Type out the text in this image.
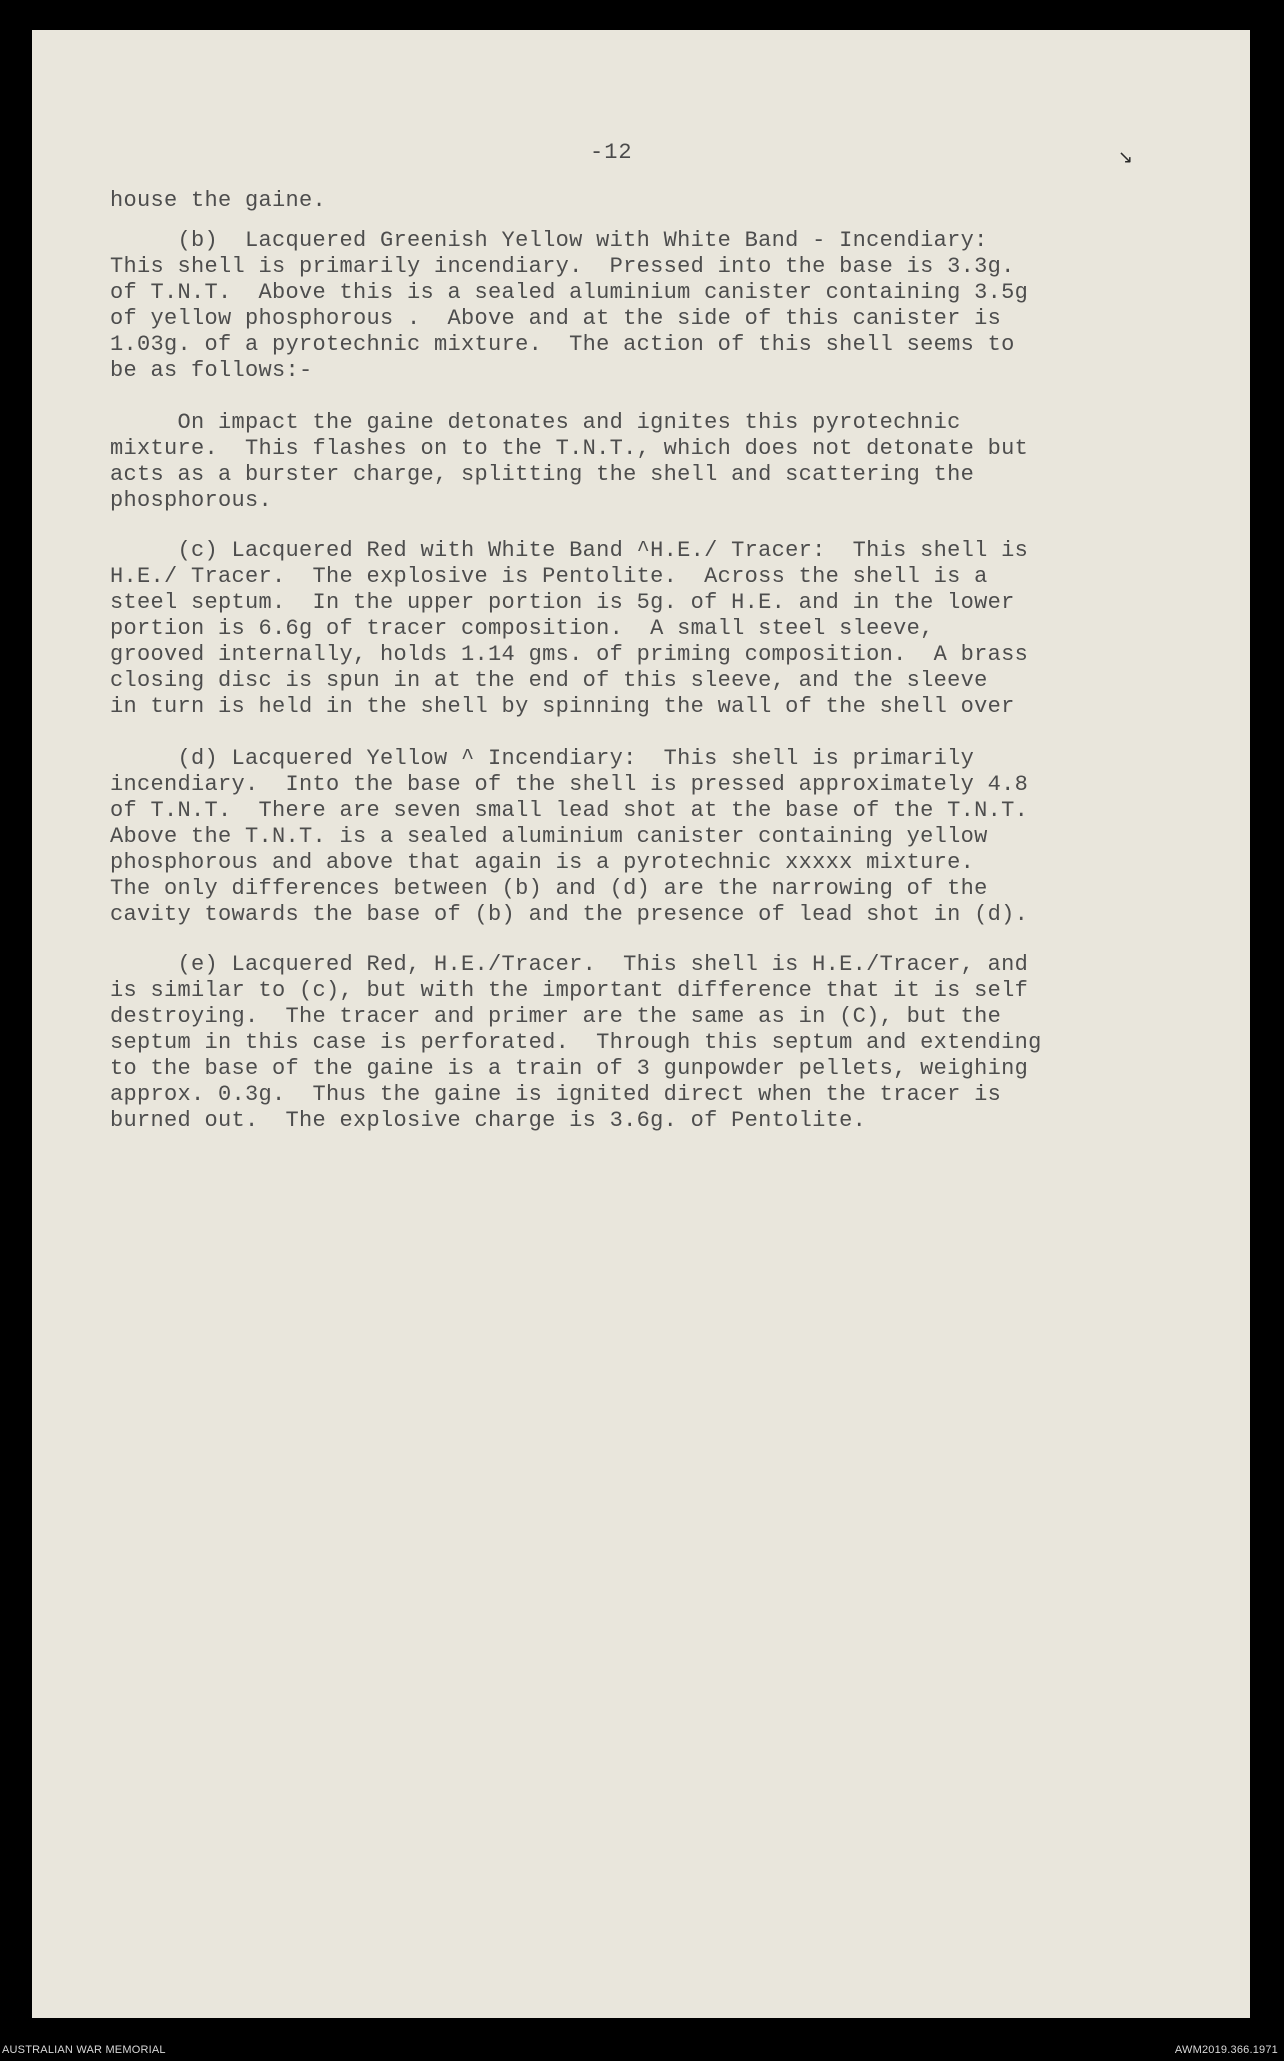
-12	↘
house the gaine.
(b)  Lacquered Greenish Yellow with White Band - Incendiary:
This shell is primarily incendiary.  Pressed into the base is 3.3g.
of T.N.T.  Above this is a sealed aluminium canister containing 3.5g
of yellow phosphorous .  Above and at the side of this canister is
1.03g. of a pyrotechnic mixture.  The action of this shell seems to
be as follows:-
On impact the gaine detonates and ignites this pyrotechnic
mixture.  This flashes on to the T.N.T., which does not detonate but
acts as a burster charge, splitting the shell and scattering the
phosphorous.
(c) Lacquered Red with White Band ^H.E./ Tracer:  This shell is
H.E./ Tracer.  The explosive is Pentolite.  Across the shell is a
steel septum.  In the upper portion is 5g. of H.E. and in the lower
portion is 6.6g of tracer composition.  A small steel sleeve,
grooved internally, holds 1.14 gms. of priming composition.  A brass
closing disc is spun in at the end of this sleeve, and the sleeve
in turn is held in the shell by spinning the wall of the shell over
(d) Lacquered Yellow ^ Incendiary:  This shell is primarily
incendiary.  Into the base of the shell is pressed approximately 4.8
of T.N.T.  There are seven small lead shot at the base of the T.N.T.
Above the T.N.T. is a sealed aluminium canister containing yellow
phosphorous and above that again is a pyrotechnic xxxxx mixture.
The only differences between (b) and (d) are the narrowing of the
cavity towards the base of (b) and the presence of lead shot in (d).
(e) Lacquered Red, H.E./Tracer.  This shell is H.E./Tracer, and
is similar to (c), but with the important difference that it is self
destroying.  The tracer and primer are the same as in (C), but the
septum in this case is perforated.  Through this septum and extending
to the base of the gaine is a train of 3 gunpowder pellets, weighing
approx. 0.3g.  Thus the gaine is ignited direct when the tracer is
burned out.  The explosive charge is 3.6g. of Pentolite.
AUSTRALIAN WAR MEMORIAL	AWM2019.366.1971
